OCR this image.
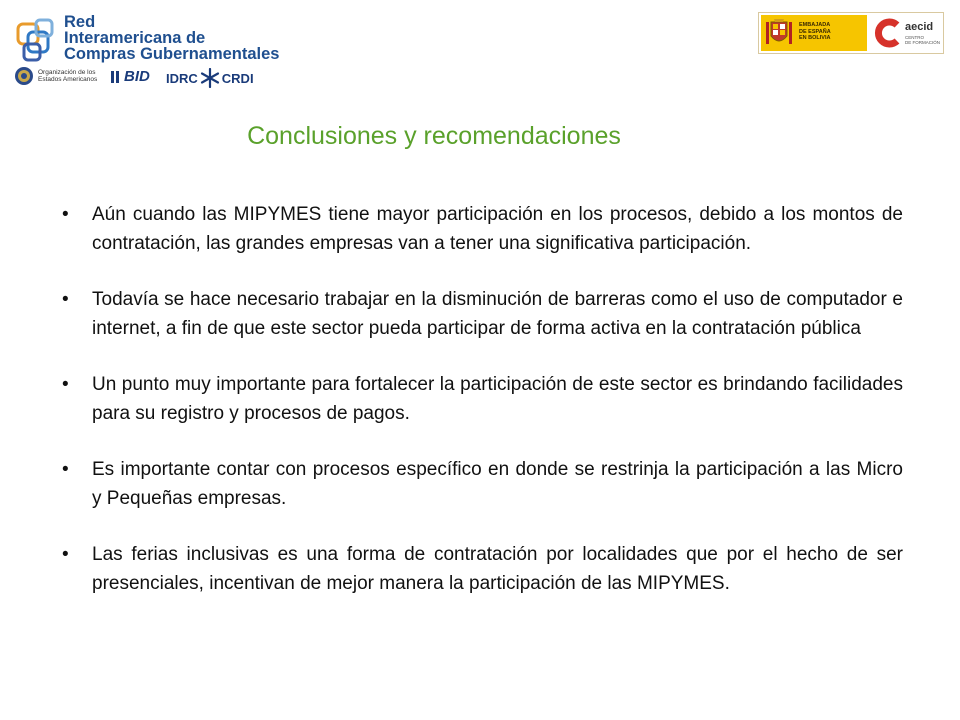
Red
Interamericana de
Compras Gubernamentales
Organización de los Estados Americanos	BID IDRC CRDI
EMBAJADA
DE ESPAÑA
EN BOLIVIA
aecid
CENTRO
DE FORMACIÓN
Conclusiones y recomendaciones
• Aún cuando las MIPYMES tiene mayor participación en los procesos, debido a los montos de contratación, las grandes empresas van a tener una significativa participación.
• Todavía se hace necesario trabajar en la disminución de barreras como el uso de computador e internet, a fin de que este sector pueda participar de forma activa en la contratación pública
• Un punto muy importante para fortalecer la participación de este sector es brindando facilidades para su registro y procesos de pagos.
• Es importante contar con procesos específico en donde se restrinja la participación a las Micro y Pequeñas empresas.
• Las ferias inclusivas es una forma de contratación por localidades que por el hecho de ser presenciales, incentivan de mejor manera la participación de las MIPYMES.
